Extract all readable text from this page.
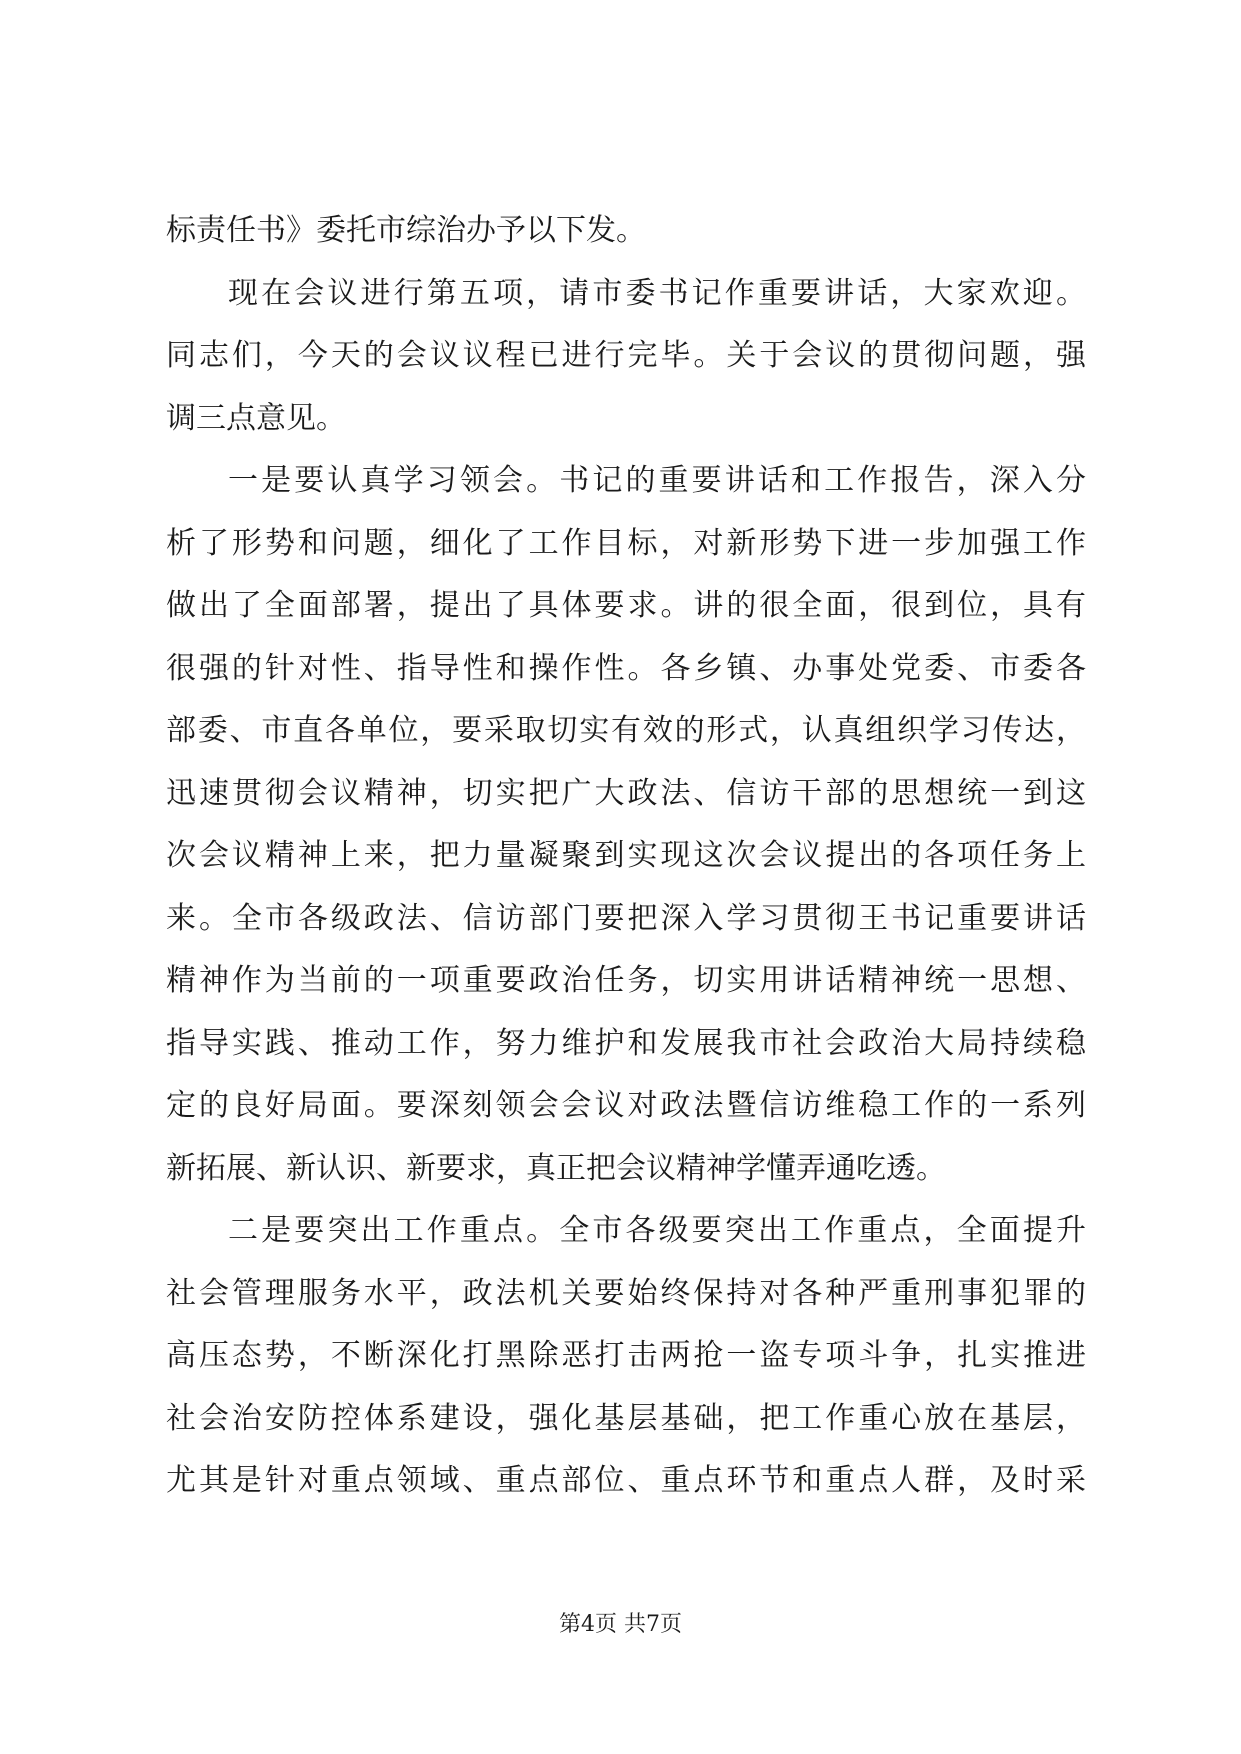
标责任书》委托市综治办予以下发。
现在会议进行第五项，请市委书记作重要讲话，大家欢迎。
同志们，今天的会议议程已进行完毕。关于会议的贯彻问题，强
调三点意见。
一是要认真学习领会。书记的重要讲话和工作报告，深入分
析了形势和问题，细化了工作目标，对新形势下进一步加强工作
做出了全面部署，提出了具体要求。讲的很全面，很到位，具有
很强的针对性、指导性和操作性。各乡镇、办事处党委、市委各
部委、市直各单位，要采取切实有效的形式，认真组织学习传达，
迅速贯彻会议精神，切实把广大政法、信访干部的思想统一到这
次会议精神上来，把力量凝聚到实现这次会议提出的各项任务上
来。全市各级政法、信访部门要把深入学习贯彻王书记重要讲话
精神作为当前的一项重要政治任务，切实用讲话精神统一思想、
指导实践、推动工作，努力维护和发展我市社会政治大局持续稳
定的良好局面。要深刻领会会议对政法暨信访维稳工作的一系列
新拓展、新认识、新要求，真正把会议精神学懂弄通吃透。
二是要突出工作重点。全市各级要突出工作重点，全面提升
社会管理服务水平，政法机关要始终保持对各种严重刑事犯罪的
高压态势，不断深化打黑除恶打击两抢一盗专项斗争，扎实推进
社会治安防控体系建设，强化基层基础，把工作重心放在基层，
尤其是针对重点领域、重点部位、重点环节和重点人群，及时采
第4页 共7页
